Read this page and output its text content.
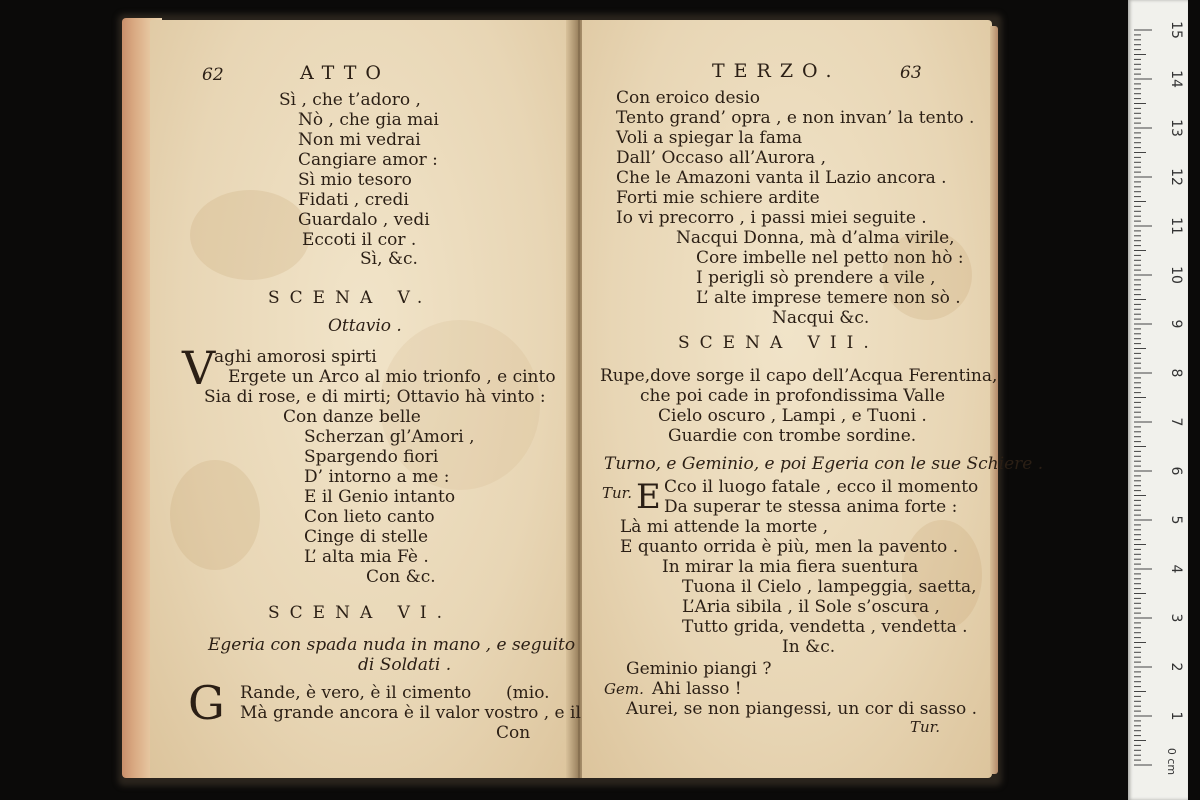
62	ATTO
Sì , che t’adoro ,
Nò , che gia mai
Non mi vedrai
Cangiare amor :
Sì mio tesoro
Fidati , credi
Guardalo , vedi
Eccoti il cor .
Sì, &c.
SCENA V.
Ottavio .
V
aghi amorosi spirti
Ergete un Arco al mio trionfo , e cinto
Sia di rose, e di mirti; Ottavio hà vinto :
Con danze belle
Scherzan gl’Amori ,
Spargendo fiori
D’ intorno a me :
E il Genio intanto
Con lieto canto
Cinge di stelle
L’ alta mia Fè .
Con &c.
SCENA VI.
Egeria con spada nuda in mano , e seguito
di Soldati .
G Rande, è vero, è il cimento (mio.
Mà grande ancora è il valor vostro , e il
Con
TERZO.	63
Con eroico desio
Tento grand’ opra , e non invan’ la tento .
Voli a spiegar la fama
Dall’ Occaso all’Aurora ,
Che le Amazoni vanta il Lazio ancora .
Forti mie schiere ardite
Io vi precorro , i passi miei seguite .
Nacqui Donna, mà d’alma virile,
Core imbelle nel petto non hò :
I perigli sò prendere a vile ,
L’ alte imprese temere non sò .
Nacqui &c.
SCENA VII.
Rupe,dove sorge il capo dell’Acqua Ferentina,
che poi cade in profondissima Valle
Cielo oscuro , Lampi , e Tuoni .
Guardie con trombe sordine.
Turno, e Geminio, e poi Egeria con le sue Schiere .
Tur. E Cco il luogo fatale , ecco il momento
Da superar te stessa anima forte :
Là mi attende la morte ,
E quanto orrida è più, men la pavento .
In mirar la mia fiera suentura
Tuona il Cielo , lampeggia, saetta,
L’Aria sibila , il Sole s’oscura ,
Tutto grida, vendetta , vendetta .
In &c.
Geminio piangi ?
Gem. Ahi lasso !
Aurei, se non piangessi, un cor di sasso .
Tur.
15
14
13
12
11
10
9
8
7
6
5
4
3
2
1
0 cm
